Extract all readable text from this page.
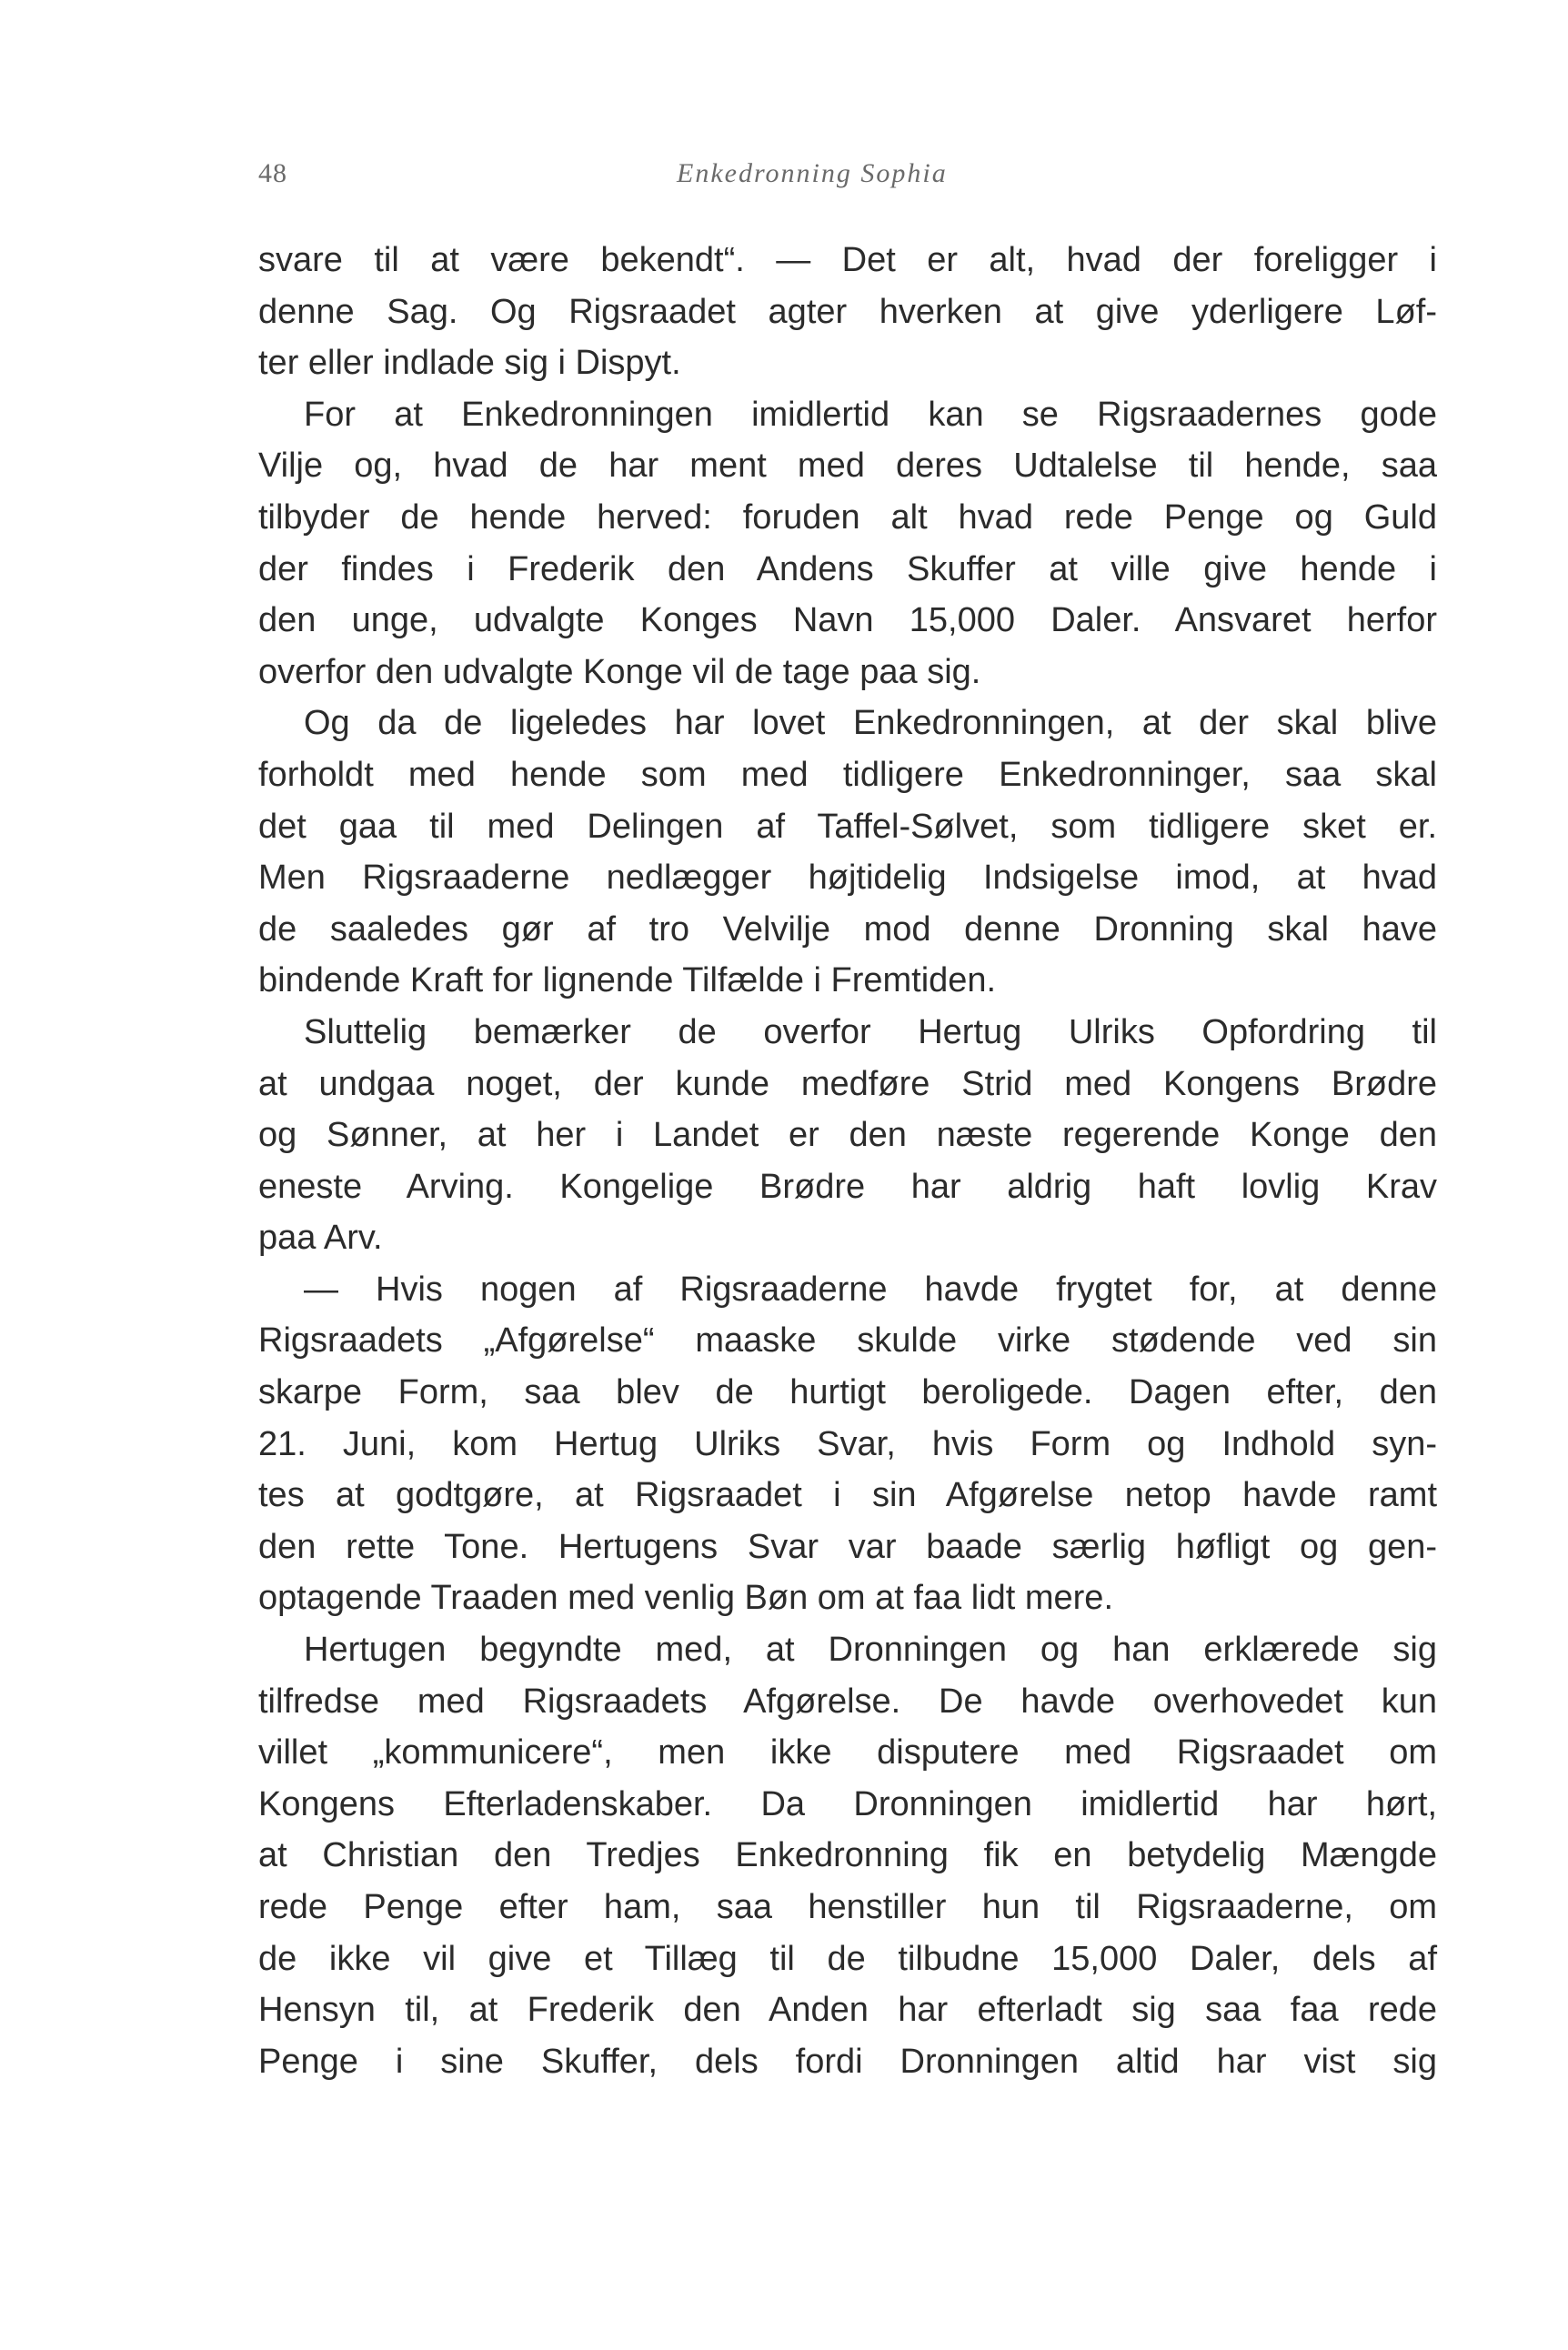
48	Enkedronning Sophia
svare til at være bekendt“. — Det er alt, hvad der foreligger i
denne Sag. Og Rigsraadet agter hverken at give yderligere Løf-
ter eller indlade sig i Dispyt.
For at Enkedronningen imidlertid kan se Rigsraadernes gode
Vilje og, hvad de har ment med deres Udtalelse til hende, saa
tilbyder de hende herved: foruden alt hvad rede Penge og Guld
der findes i Frederik den Andens Skuffer at ville give hende i
den unge, udvalgte Konges Navn 15,000 Daler. Ansvaret herfor
overfor den udvalgte Konge vil de tage paa sig.
Og da de ligeledes har lovet Enkedronningen, at der skal blive
forholdt med hende som med tidligere Enkedronninger, saa skal
det gaa til med Delingen af Taffel-Sølvet, som tidligere sket er.
Men Rigsraaderne nedlægger højtidelig Indsigelse imod, at hvad
de saaledes gør af tro Velvilje mod denne Dronning skal have
bindende Kraft for lignende Tilfælde i Fremtiden.
Sluttelig bemærker de overfor Hertug Ulriks Opfordring til
at undgaa noget, der kunde medføre Strid med Kongens Brødre
og Sønner, at her i Landet er den næste regerende Konge den
eneste Arving. Kongelige Brødre har aldrig haft lovlig Krav
paa Arv.
— Hvis nogen af Rigsraaderne havde frygtet for, at denne
Rigsraadets „Afgørelse“ maaske skulde virke stødende ved sin
skarpe Form, saa blev de hurtigt beroligede. Dagen efter, den
21. Juni, kom Hertug Ulriks Svar, hvis Form og Indhold syn-
tes at godtgøre, at Rigsraadet i sin Afgørelse netop havde ramt
den rette Tone. Hertugens Svar var baade særlig høfligt og gen-
optagende Traaden med venlig Bøn om at faa lidt mere.
Hertugen begyndte med, at Dronningen og han erklærede sig
tilfredse med Rigsraadets Afgørelse. De havde overhovedet kun
villet „kommunicere“, men ikke disputere med Rigsraadet om
Kongens Efterladenskaber. Da Dronningen imidlertid har hørt,
at Christian den Tredjes Enkedronning fik en betydelig Mængde
rede Penge efter ham, saa henstiller hun til Rigsraaderne, om
de ikke vil give et Tillæg til de tilbudne 15,000 Daler, dels af
Hensyn til, at Frederik den Anden har efterladt sig saa faa rede
Penge i sine Skuffer, dels fordi Dronningen altid har vist sig
